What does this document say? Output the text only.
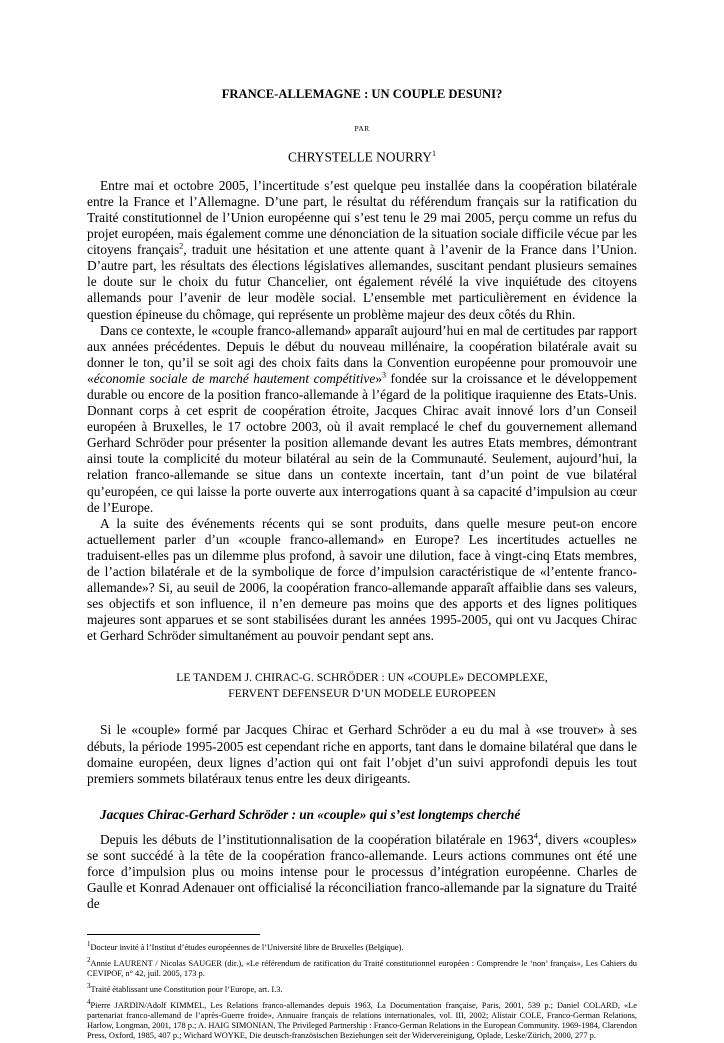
FRANCE-ALLEMAGNE : UN COUPLE DESUNI?
PAR
CHRYSTELLE NOURRY$^1$

Entre mai et octobre 2005, l’incertitude s’est quelque peu installée dans la coopération bilatérale entre la France et l’Allemagne. D’une part, le résultat du référendum français sur la ratification du Traité constitutionnel de l’Union européenne qui s’est tenu le 29 mai 2005, perçu comme un refus du projet européen, mais également comme une dénonciation de la situation sociale difficile vécue par les citoyens français$^2$, traduit une hésitation et une attente quant à l’avenir de la France dans l’Union. D’autre part, les résultats des élections législatives allemandes, suscitant pendant plusieurs semaines le doute sur le choix du futur Chancelier, ont également révélé la vive inquiétude des citoyens allemands pour l’avenir de leur modèle social. L’ensemble met particulièrement en évidence la question épineuse du chômage, qui représente un problème majeur des deux côtés du Rhin.

Dans ce contexte, le «couple franco-allemand» apparaît aujourd’hui en mal de certitudes par rapport aux années précédentes. Depuis le début du nouveau millénaire, la coopération bilatérale avait su donner le ton, qu’il se soit agi des choix faits dans la Convention européenne pour promouvoir une «économie sociale de marché hautement compétitive»$^3$ fondée sur la croissance et le développement durable ou encore de la position franco-allemande à l’égard de la politique iraquienne des Etats-Unis. Donnant corps à cet esprit de coopération étroite, Jacques Chirac avait innové lors d’un Conseil européen à Bruxelles, le 17 octobre 2003, où il avait remplacé le chef du gouvernement allemand Gerhard Schröder pour présenter la position allemande devant les autres Etats membres, démontrant ainsi toute la complicité du moteur bilatéral au sein de la Communauté. Seulement, aujourd’hui, la relation franco-allemande se situe dans un contexte incertain, tant d’un point de vue bilatéral qu’européen, ce qui laisse la porte ouverte aux interrogations quant à sa capacité d’impulsion au cœur de l’Europe.

A la suite des événements récents qui se sont produits, dans quelle mesure peut-on encore actuellement parler d’un «couple franco-allemand» en Europe? Les incertitudes actuelles ne traduisent-elles pas un dilemme plus profond, à savoir une dilution, face à vingt-cinq Etats membres, de l’action bilatérale et de la symbolique de force d’impulsion caractéristique de «l’entente franco-allemande»? Si, au seuil de 2006, la coopération franco-allemande apparaît affaiblie dans ses valeurs, ses objectifs et son influence, il n’en demeure pas moins que des apports et des lignes politiques majeures sont apparues et se sont stabilisées durant les années 1995-2005, qui ont vu Jacques Chirac et Gerhard Schröder simultanément au pouvoir pendant sept ans.

LE TANDEM J. CHIRAC-G. SCHRÖDER : UN «COUPLE» DECOMPLEXE,
FERVENT DEFENSEUR D’UN MODELE EUROPEEN

Si le «couple» formé par Jacques Chirac et Gerhard Schröder a eu du mal à «se trouver» à ses débuts, la période 1995-2005 est cependant riche en apports, tant dans le domaine bilatéral que dans le domaine européen, deux lignes d’action qui ont fait l’objet d’un suivi approfondi depuis les tout premiers sommets bilatéraux tenus entre les deux dirigeants.

Jacques Chirac-Gerhard Schröder : un «couple» qui s’est longtemps cherché

Depuis les débuts de l’institutionnalisation de la coopération bilatérale en 1963$^4$, divers «couples» se sont succédé à la tête de la coopération franco-allemande. Leurs actions communes ont été une force d’impulsion plus ou moins intense pour le processus d’intégration européenne. Charles de Gaulle et Konrad Adenauer ont officialisé la réconciliation franco-allemande par la signature du Traité de

$^1$Docteur invité à l’Institut d’études européennes de l’Université libre de Bruxelles (Belgique).
$^2$Annie LAURENT / Nicolas SAUGER (dir.), «Le référendum de ratification du Traité constitutionnel européen : Comprendre le ‘non’ français», Les Cahiers du CEVIPOF, n° 42, juil. 2005, 173 p.
$^3$Traité établissant une Constitution pour l’Europe, art. I.3.
$^4$Pierre JARDIN/Adolf KIMMEL, Les Relations franco-allemandes depuis 1963, La Documentation française, Paris, 2001, 539 p.; Daniel COLARD, «Le partenariat franco-allemand de l’après-Guerre froide», Annuaire français de relations internationales, vol. III, 2002; Alistair COLE, Franco-German Relations, Harlow, Longman, 2001, 178 p.; A. HAIG SIMONIAN, The Privileged Partnership : Franco-German Relations in the European Community. 1969-1984, Clarendon Press, Oxford, 1985, 407 p.; Wichard WOYKE, Die deutsch-französischen Beziehungen seit der Widervereinigung, Oplade, Leske/Zürich, 2000, 277 p.
